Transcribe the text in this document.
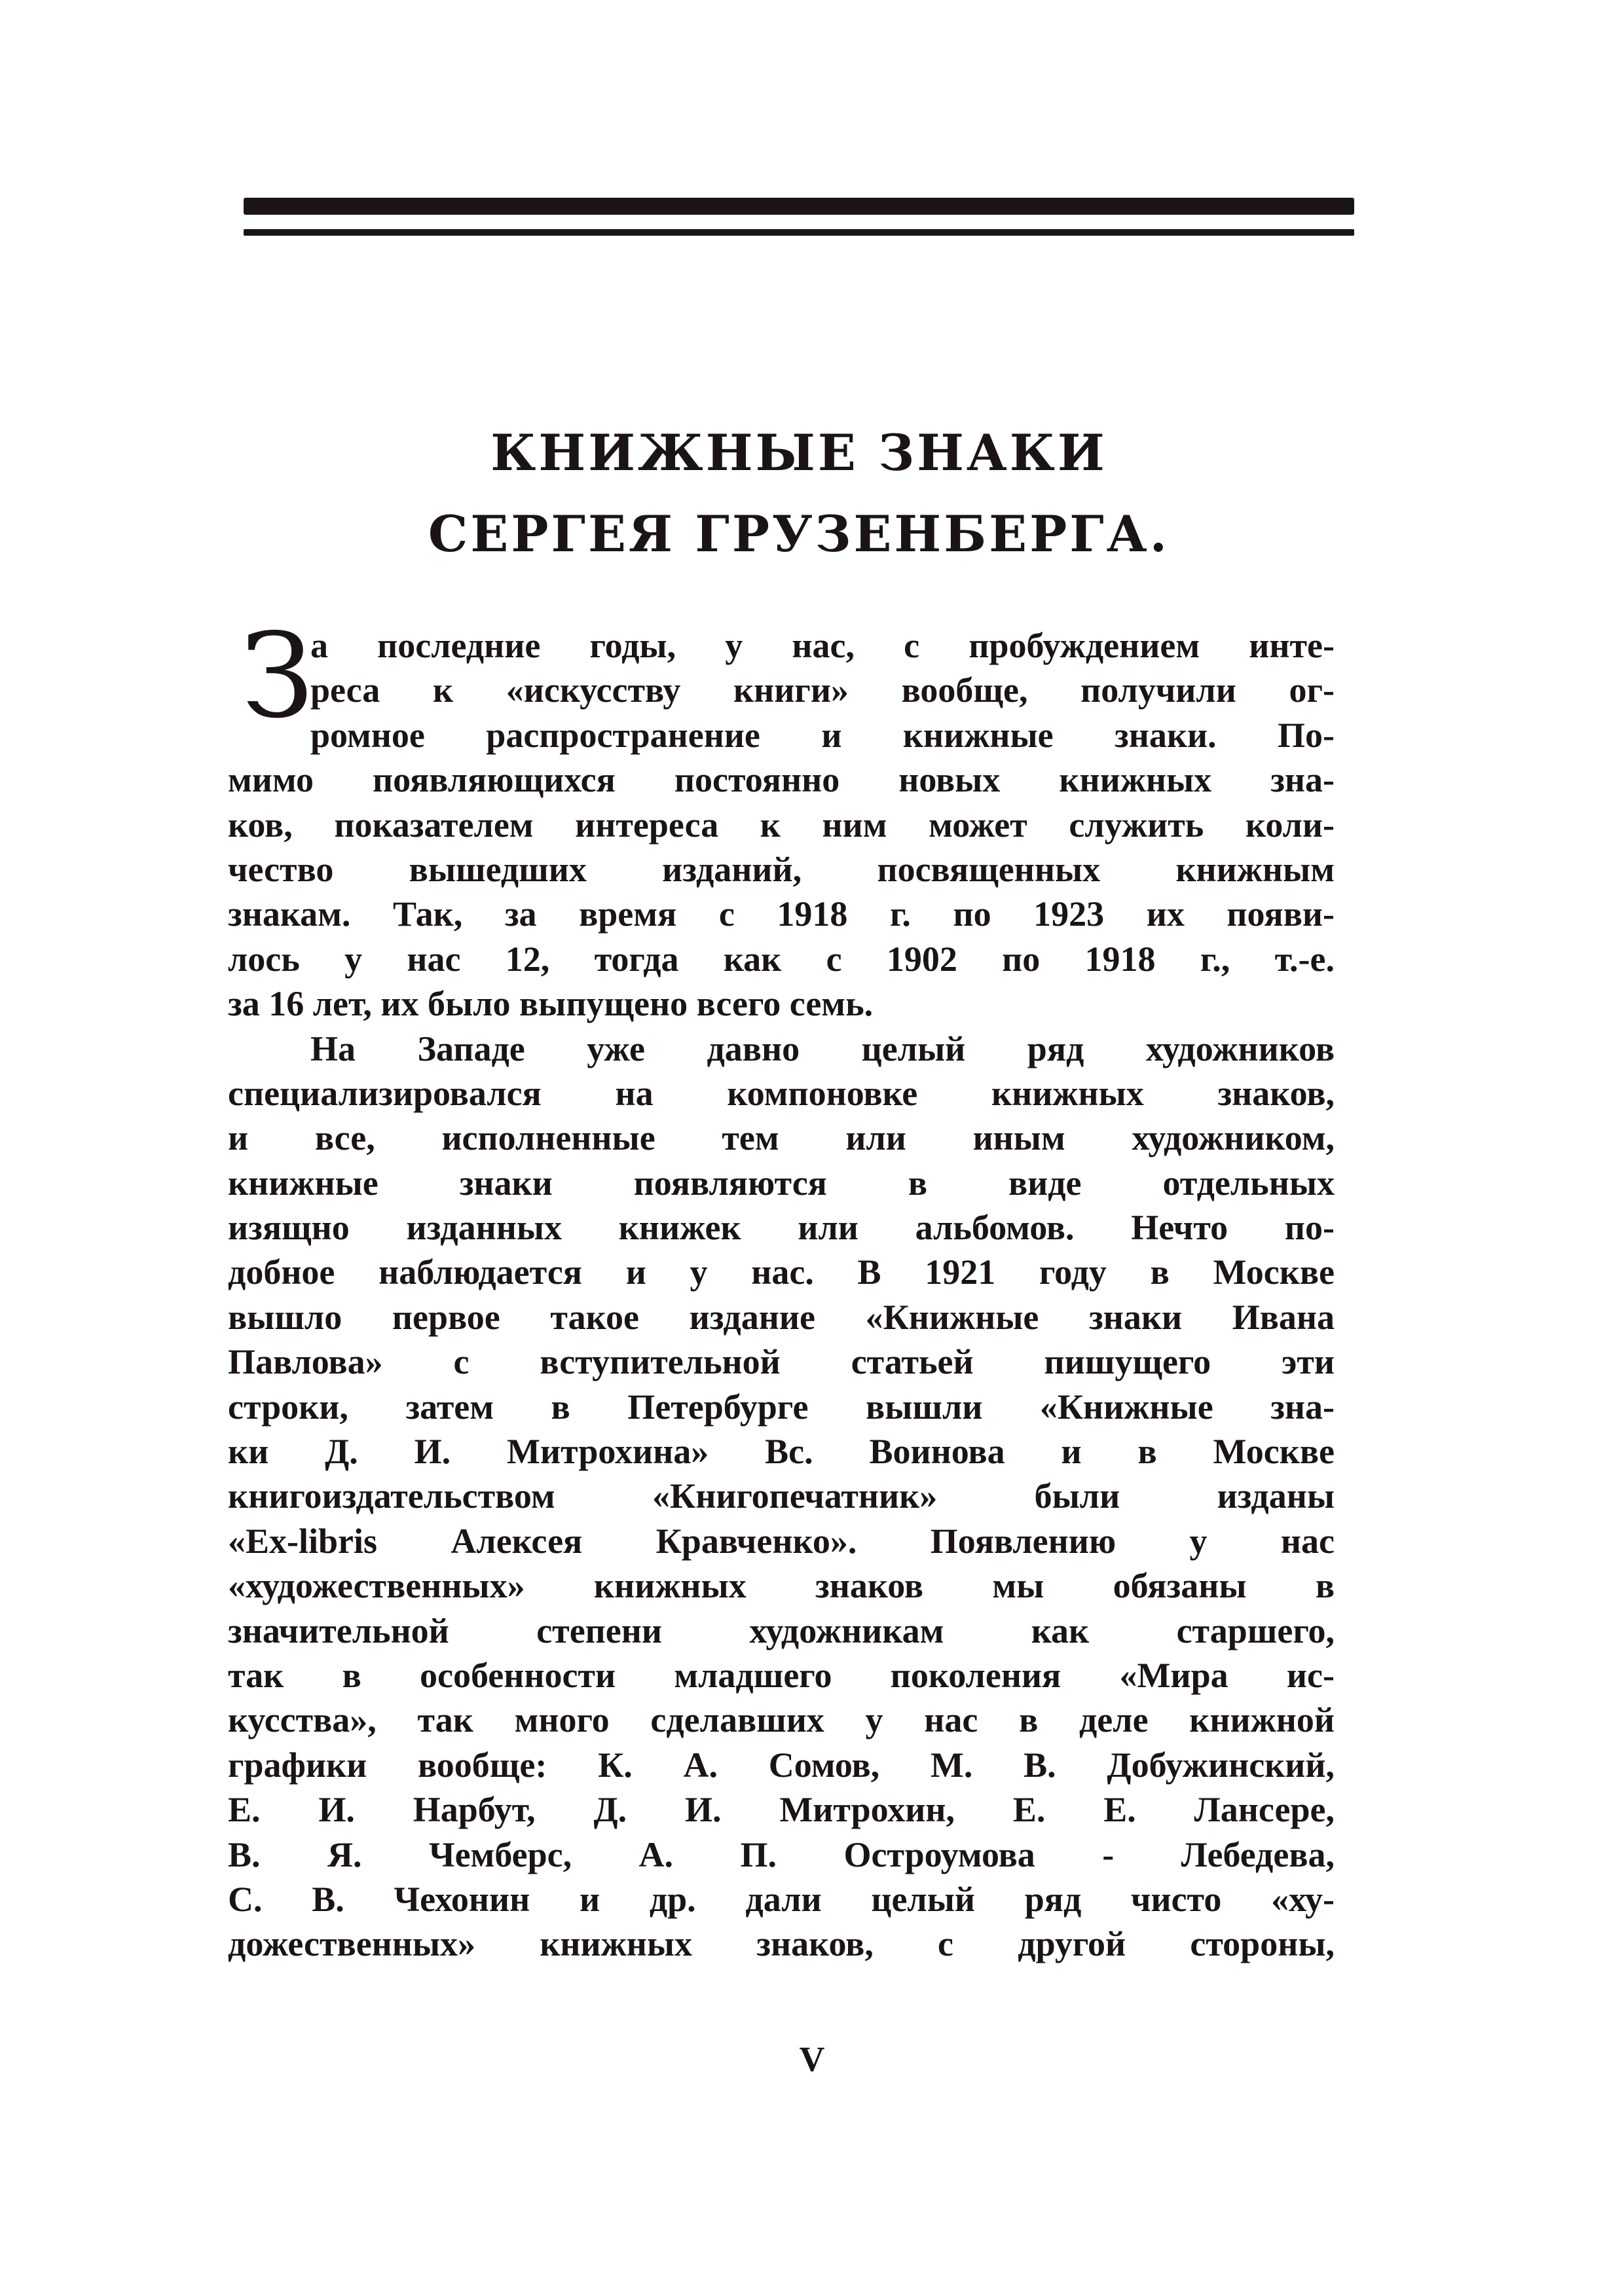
КНИЖНЫЕ ЗНАКИ
СЕРГЕЯ ГРУЗЕНБЕРГА.
З
а последние годы, у нас, с пробуждением инте-
реса к «искусству книги» вообще, получили ог-
ромное распространение и книжные знаки. По-
мимо появляющихся постоянно новых книжных зна-
ков, показателем интереса к ним может служить коли-
чество вышедших изданий, посвященных книжным
знакам. Так, за время с 1918 г. по 1923 их появи-
лось у нас 12, тогда как с 1902 по 1918 г., т.-е.
за 16 лет, их было выпущено всего семь.
На Западе уже давно целый ряд художников
специализировался на компоновке книжных знаков,
и все, исполненные тем или иным художником,
книжные знаки появляются в виде отдельных
изящно изданных книжек или альбомов. Нечто по-
добное наблюдается и у нас. В 1921 году в Москве
вышло первое такое издание «Книжные знаки Ивана
Павлова» с вступительной статьей пишущего эти
строки, затем в Петербурге вышли «Книжные зна-
ки Д. И. Митрохина» Вс. Воинова и в Москве
книгоиздательством «Книгопечатник» были изданы
«Ex-libris Алексея Кравченко». Появлению у нас
«художественных» книжных знаков мы обязаны в
значительной степени художникам как старшего,
так в особенности младшего поколения «Мира ис-
кусства», так много сделавших у нас в деле книжной
графики вообще: К. А. Сомов, М. В. Добужинский,
Е. И. Нарбут, Д. И. Митрохин, Е. Е. Лансере,
В. Я. Чемберс, А. П. Остроумова - Лебедева,
С. В. Чехонин и др. дали целый ряд чисто «ху-
дожественных» книжных знаков, с другой стороны,
V
